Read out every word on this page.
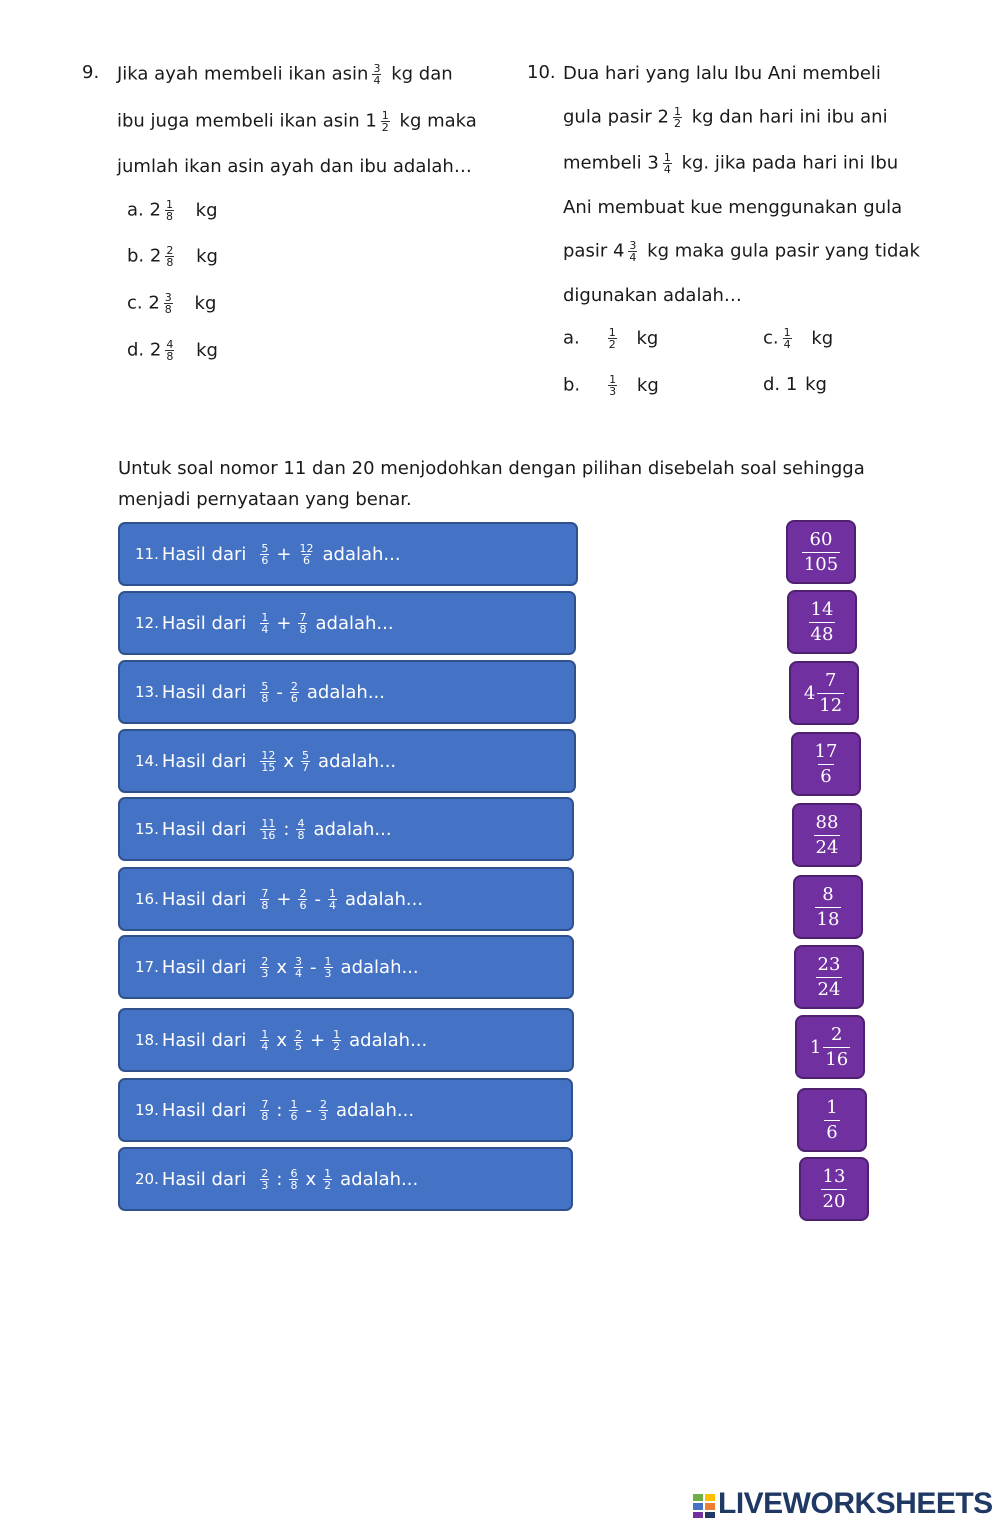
9. Jika ayah membeli ikan asin $\frac{3}{4}$ kg dan
ibu juga membeli ikan asin $1 \frac{1}{2}$ kg maka
jumlah ikan asin ayah dan ibu adalah…
a. $2 \frac{1}{8}$ kg
b. $2 \frac{2}{8}$ kg
c. $2 \frac{3}{8}$ kg
d. $2 \frac{4}{8}$ kg
10. Dua hari yang lalu Ibu Ani membeli
gula pasir $2 \frac{1}{2}$ kg dan hari ini ibu ani
membeli $3 \frac{1}{4}$ kg. jika pada hari ini Ibu
Ani membuat kue menggunakan gula
pasir $4 \frac{3}{4}$ kg maka gula pasir yang tidak
digunakan adalah…
a.	$\frac{1}{2}$ kg	c. $\frac{1}{4}$ kg
b.	$\frac{1}{3}$ kg	d. 1 kg
Untuk soal nomor 11 dan 20 menjodohkan dengan pilihan disebelah soal sehingga
menjadi pernyataan yang benar.
11. Hasil dari $\frac{5}{6} + \frac{12}{6}$ adalah...
12. Hasil dari $\frac{1}{4} + \frac{7}{8}$ adalah...
13. Hasil dari $\frac{5}{8} - \frac{2}{6}$ adalah...
14. Hasil dari $\frac{12}{15}$ x $\frac{5}{7}$ adalah...
15. Hasil dari $\frac{11}{16}$ : $\frac{4}{8}$ adalah...
16. Hasil dari $\frac{7}{8} + \frac{2}{6} - \frac{1}{4}$ adalah...
17. Hasil dari $\frac{2}{3}$ x $\frac{3}{4} - \frac{1}{3}$ adalah...
18. Hasil dari $\frac{1}{4}$ x $\frac{2}{5} + \frac{1}{2}$ adalah...
19. Hasil dari $\frac{7}{8}$ : $\frac{1}{6} - \frac{2}{3}$ adalah...
20. Hasil dari $\frac{2}{3}$ : $\frac{6}{8}$ x $\frac{1}{2}$ adalah...
60
105
14
48
4
7
12
17
6
88
24
8
18
23
24
1
2
16
1
6
13
20
LIVEWORKSHEETS
